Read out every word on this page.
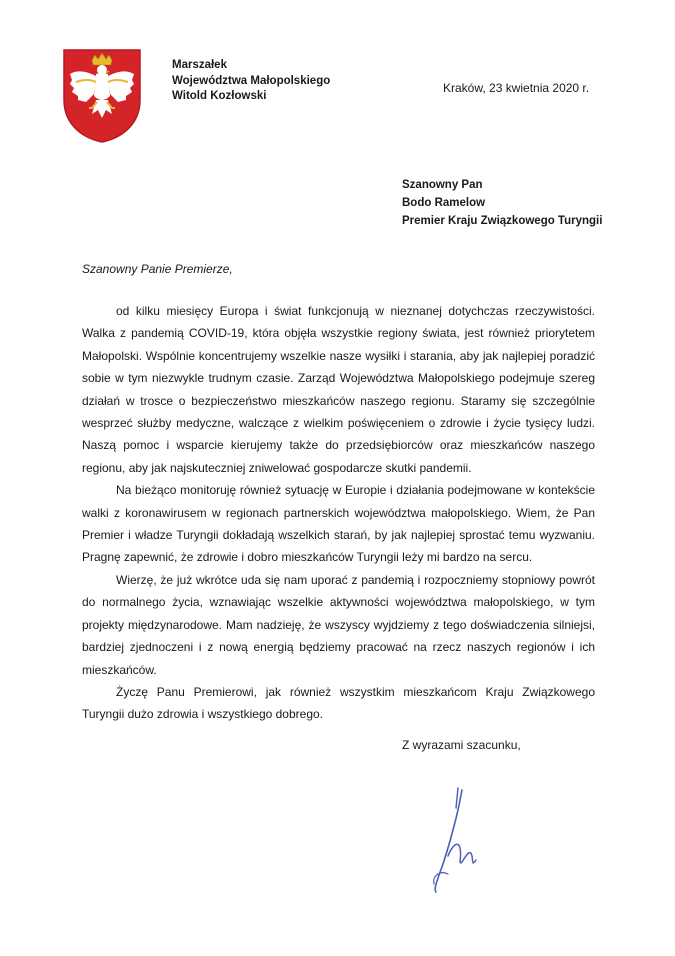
Marszałek
Województwa Małopolskiego
Witold Kozłowski
Kraków, 23 kwietnia 2020 r.
Szanowny Pan
Bodo Ramelow
Premier Kraju Związkowego Turyngii
Szanowny Panie Premierze,

od kilku miesięcy Europa i świat funkcjonują w nieznanej dotychczas rzeczywistości. Walka z pandemią COVID-19, która objęła wszystkie regiony świata, jest również priorytetem Małopolski. Wspólnie koncentrujemy wszelkie nasze wysiłki i starania, aby jak najlepiej poradzić sobie w tym niezwykle trudnym czasie. Zarząd Województwa Małopolskiego podejmuje szereg działań w trosce o bezpieczeństwo mieszkańców naszego regionu. Staramy się szczególnie wesprzeć służby medyczne, walczące z wielkim poświęceniem o zdrowie i życie tysięcy ludzi. Naszą pomoc i wsparcie kierujemy także do przedsiębiorców oraz mieszkańców naszego regionu, aby jak najskuteczniej zniwelować gospodarcze skutki pandemii.

Na bieżąco monitoruję również sytuację w Europie i działania podejmowane w kontekście walki z koronawirusem w regionach partnerskich województwa małopolskiego. Wiem, że Pan Premier i władze Turyngii dokładają wszelkich starań, by jak najlepiej sprostać temu wyzwaniu. Pragnę zapewnić, że zdrowie i dobro mieszkańców Turyngii leży mi bardzo na sercu.

Wierzę, że już wkrótce uda się nam uporać z pandemią i rozpoczniemy stopniowy powrót do normalnego życia, wznawiając wszelkie aktywności województwa małopolskiego, w tym projekty międzynarodowe. Mam nadzieję, że wszyscy wyjdziemy z tego doświadczenia silniejsi, bardziej zjednoczeni i z nową energią będziemy pracować na rzecz naszych regionów i ich mieszkańców.

Życzę Panu Premierowi, jak również wszystkim mieszkańcom Kraju Związkowego Turyngii dużo zdrowia i wszystkiego dobrego.

Z wyrazami szacunku,
